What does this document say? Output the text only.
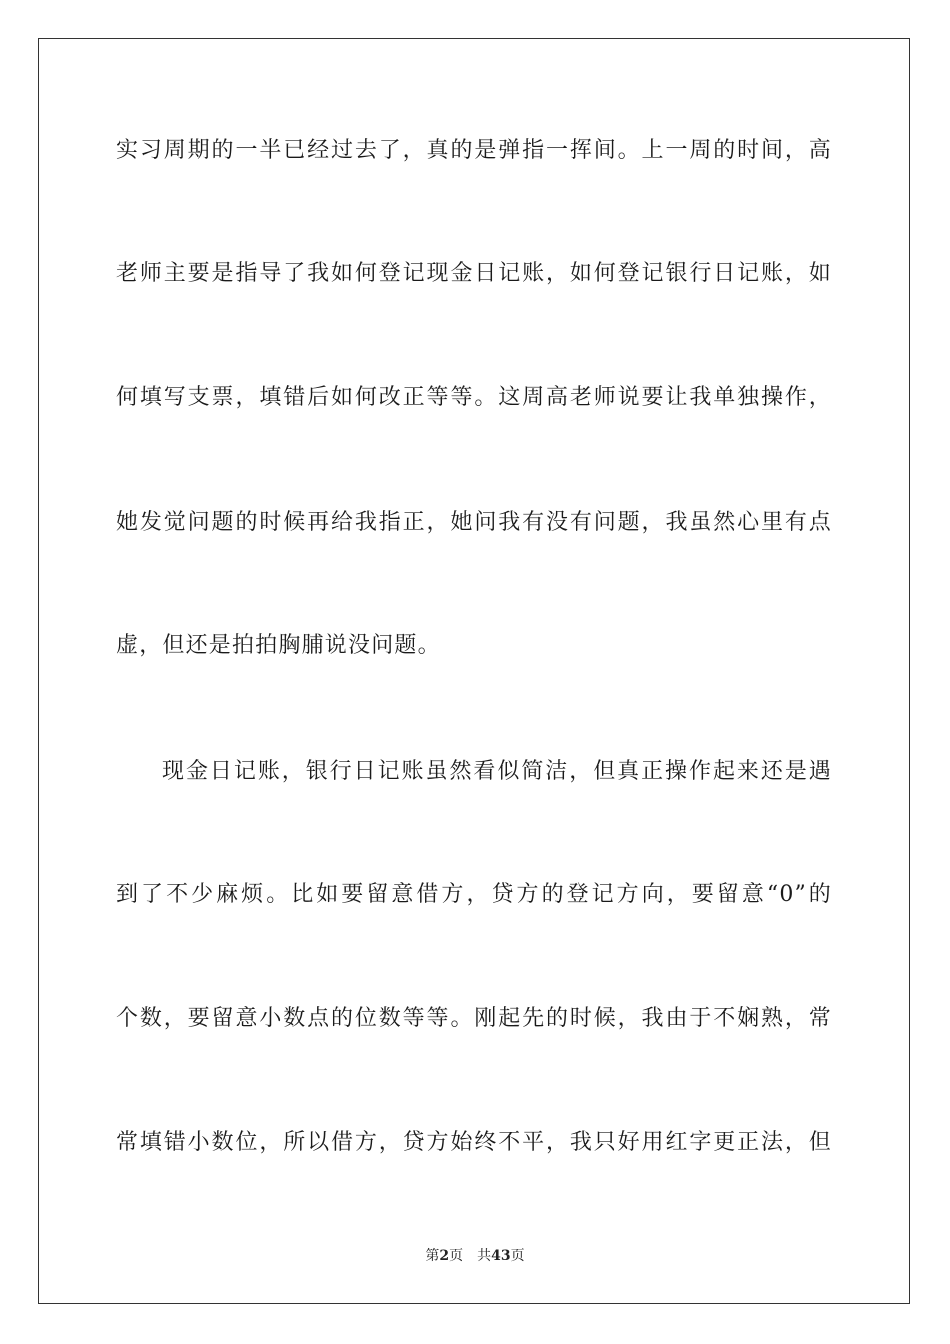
实习周期的一半已经过去了，真的是弹指一挥间。上一周的时间，高
老师主要是指导了我如何登记现金日记账，如何登记银行日记账，如
何填写支票，填错后如何改正等等。这周高老师说要让我单独操作，
她发觉问题的时候再给我指正，她问我有没有问题，我虽然心里有点
虚，但还是拍拍胸脯说没问题。
现金日记账，银行日记账虽然看似简洁，但真正操作起来还是遇
到了不少麻烦。比如要留意借方，贷方的登记方向，要留意“0”的
个数，要留意小数点的位数等等。刚起先的时候，我由于不娴熟，常
常填错小数位，所以借方，贷方始终不平，我只好用红字更正法，但
第2页 共43页
